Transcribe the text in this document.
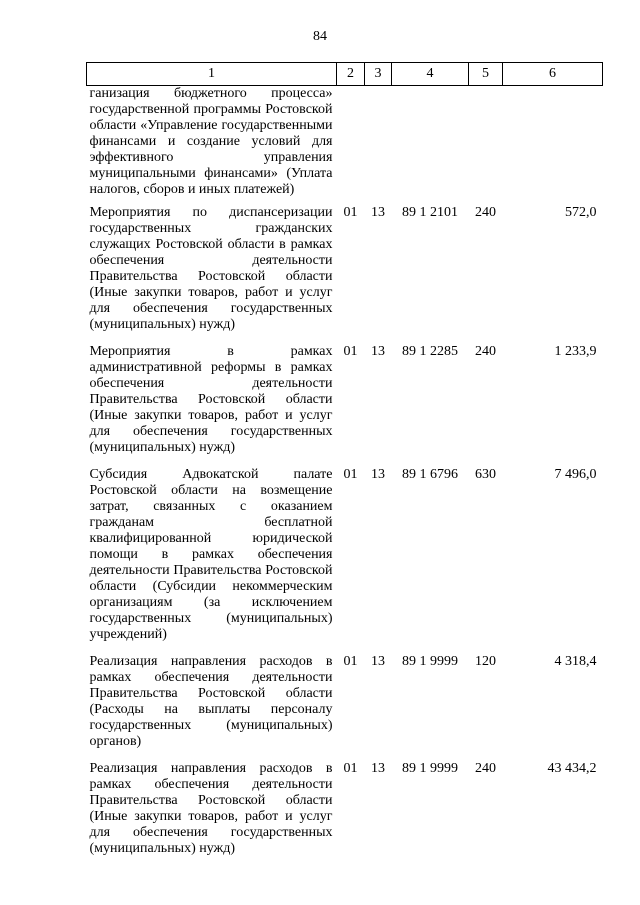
84
1	2	3	4	5	6
ганизация бюджетного процесса» государственной программы Ростовской области «Управление государственными финансами и создание условий для эффективного управления муниципальными финансами» (Уплата налогов, сборов и иных платежей)					
Мероприятия по диспансеризации государственных гражданских служащих Ростовской области в рамках обеспечения деятельности Правительства Ростовской области (Иные закупки товаров, работ и услуг для обеспечения государственных (муниципальных) нужд)	01	13	89 1 2101	240	572,0
Мероприятия в рамках административной реформы в рамках обеспечения деятельности Правительства Ростовской области (Иные закупки товаров, работ и услуг для обеспечения государственных (муниципальных) нужд)	01	13	89 1 2285	240	1 233,9
Субсидия Адвокатской палате Ростовской области на возмещение затрат, связанных с оказанием гражданам бесплатной квалифицированной юридической помощи в рамках обеспечения деятельности Правительства Ростовской области (Субсидии некоммерческим организациям (за исключением государственных (муниципальных) учреждений)	01	13	89 1 6796	630	7 496,0
Реализация направления расходов в рамках обеспечения деятельности Правительства Ростовской области (Расходы на выплаты персоналу государственных (муниципальных) органов)	01	13	89 1 9999	120	4 318,4
Реализация направления расходов в рамках обеспечения деятельности Правительства Ростовской области (Иные закупки товаров, работ и услуг для обеспечения государственных (муниципальных) нужд)	01	13	89 1 9999	240	43 434,2
